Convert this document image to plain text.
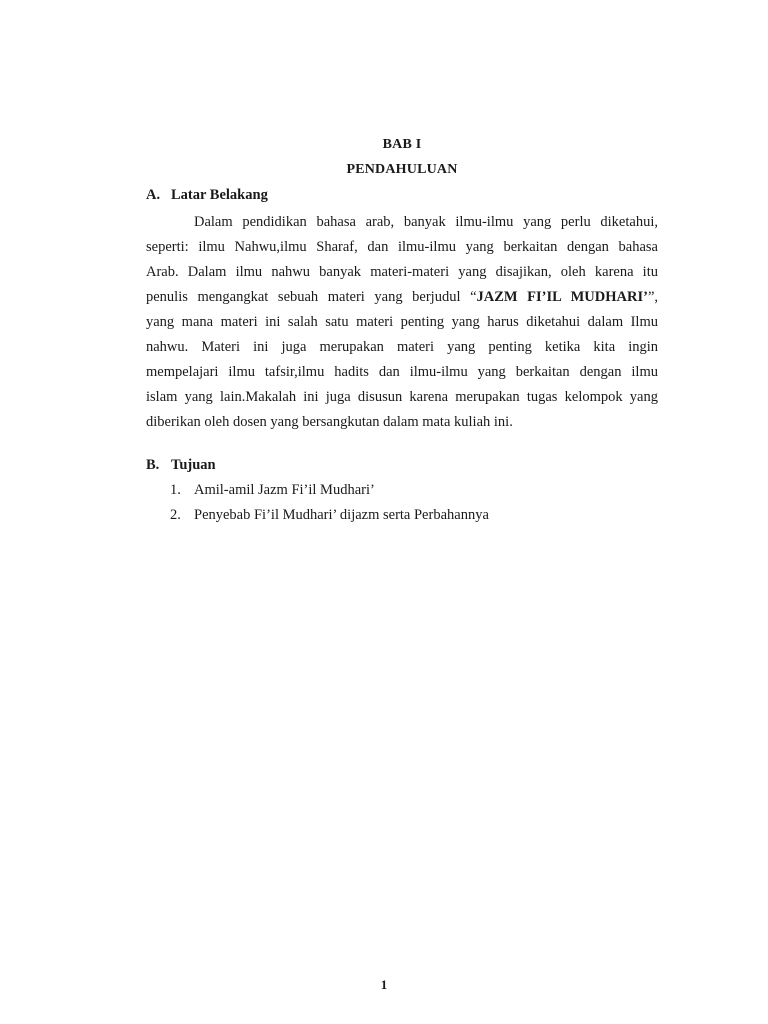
BAB I
PENDAHULUAN
A. Latar Belakang
Dalam pendidikan bahasa arab, banyak ilmu-ilmu yang perlu diketahui,
seperti: ilmu Nahwu,ilmu Sharaf, dan ilmu-ilmu yang berkaitan dengan bahasa
Arab. Dalam ilmu nahwu banyak materi-materi yang disajikan, oleh karena itu
penulis mengangkat sebuah materi yang berjudul “JAZM FI’IL MUDHARI’”,
yang mana materi ini salah satu materi penting yang harus diketahui dalam Ilmu
nahwu. Materi ini juga merupakan materi yang penting ketika kita ingin
mempelajari ilmu tafsir,ilmu hadits dan ilmu-ilmu yang berkaitan dengan ilmu
islam yang lain.Makalah ini juga disusun karena merupakan tugas kelompok yang
diberikan oleh dosen yang bersangkutan dalam mata kuliah ini.
B. Tujuan
1. Amil-amil Jazm Fi’il Mudhari’
2. Penyebab Fi’il Mudhari’ dijazm serta Perbahannya
1
